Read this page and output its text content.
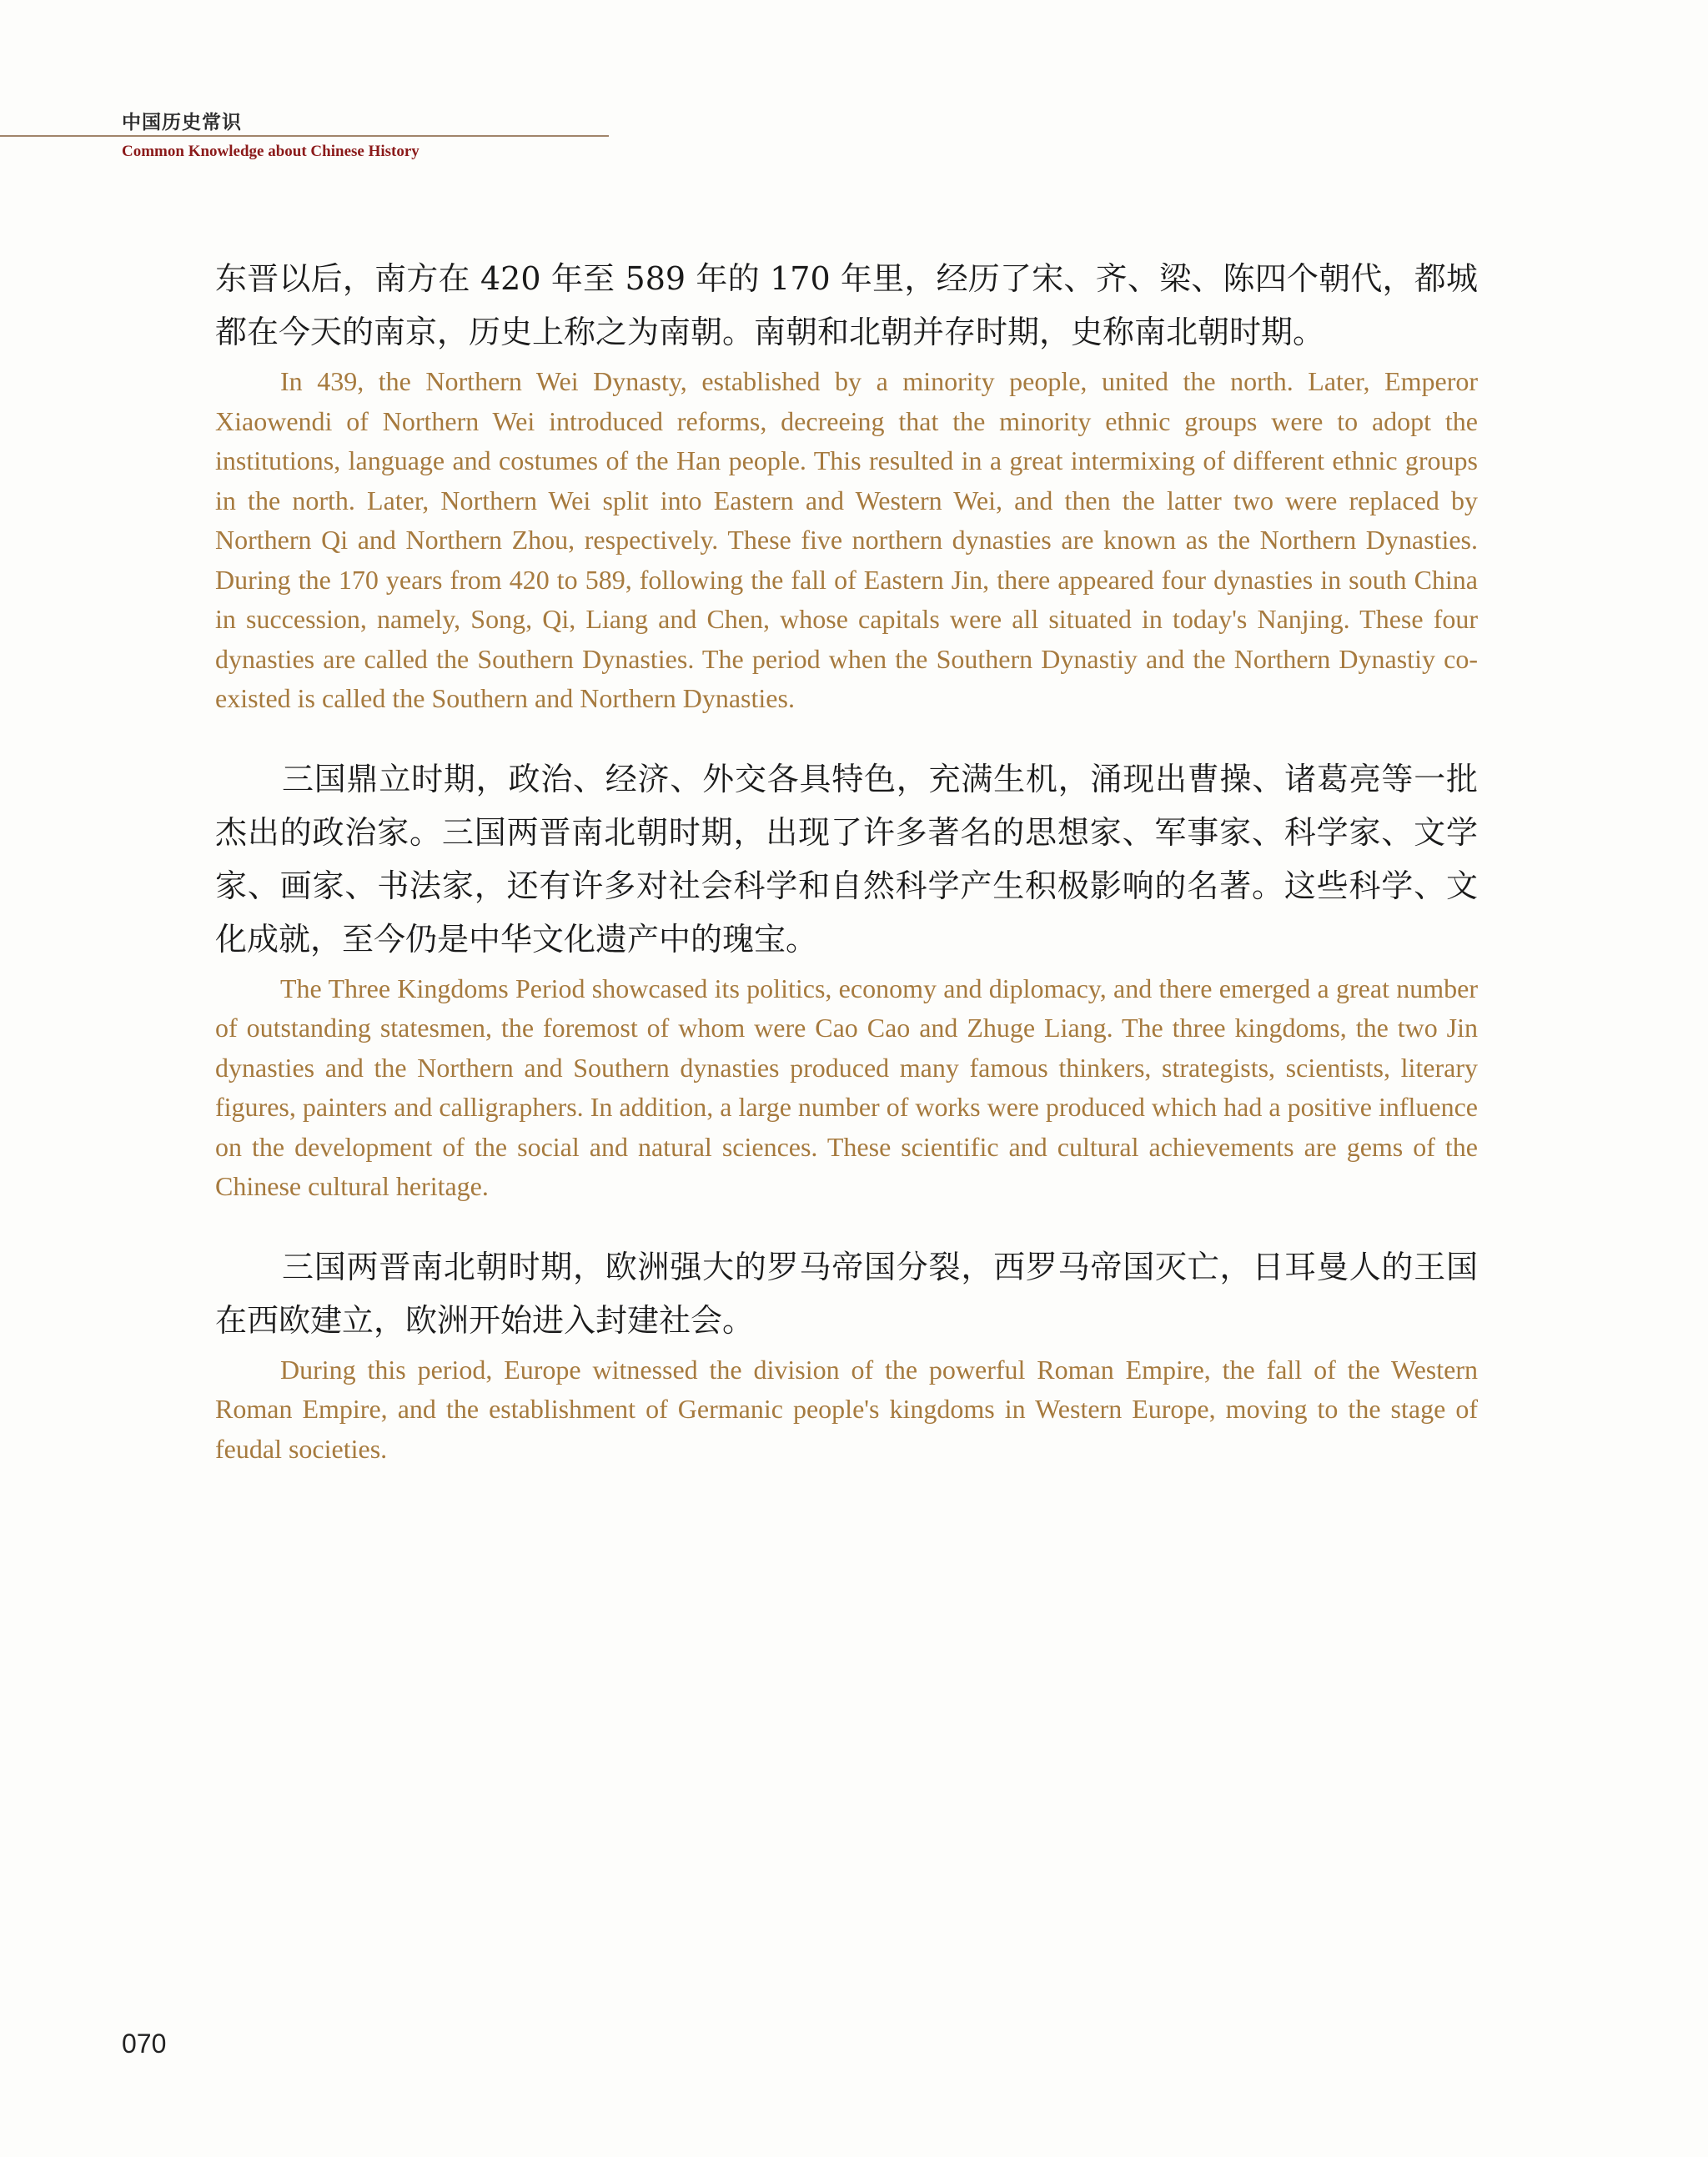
中国历史常识
Common Knowledge about Chinese History

东晋以后，南方在 420 年至 589 年的 170 年里，经历了宋、齐、梁、陈四个朝代，都城都在今天的南京，历史上称之为南朝。南朝和北朝并存时期，史称南北朝时期。

In 439, the Northern Wei Dynasty, established by a minority people, united the north. Later, Emperor Xiaowendi of Northern Wei introduced reforms, decreeing that the minority ethnic groups were to adopt the institutions, language and costumes of the Han people. This resulted in a great intermixing of different ethnic groups in the north. Later, Northern Wei split into Eastern and Western Wei, and then the latter two were replaced by Northern Qi and Northern Zhou, respectively. These five northern dynasties are known as the Northern Dynasties. During the 170 years from 420 to 589, following the fall of Eastern Jin, there appeared four dynasties in south China in succession, namely, Song, Qi, Liang and Chen, whose capitals were all situated in today's Nanjing. These four dynasties are called the Southern Dynasties. The period when the Southern Dynastiy and the Northern Dynastiy co-existed is called the Southern and Northern Dynasties.

三国鼎立时期，政治、经济、外交各具特色，充满生机，涌现出曹操、诸葛亮等一批杰出的政治家。三国两晋南北朝时期，出现了许多著名的思想家、军事家、科学家、文学家、画家、书法家，还有许多对社会科学和自然科学产生积极影响的名著。这些科学、文化成就，至今仍是中华文化遗产中的瑰宝。

The Three Kingdoms Period showcased its politics, economy and diplomacy, and there emerged a great number of outstanding statesmen, the foremost of whom were Cao Cao and Zhuge Liang. The three kingdoms, the two Jin dynasties and the Northern and Southern dynasties produced many famous thinkers, strategists, scientists, literary figures, painters and calligraphers. In addition, a large number of works were produced which had a positive influence on the development of the social and natural sciences. These scientific and cultural achievements are gems of the Chinese cultural heritage.

三国两晋南北朝时期，欧洲强大的罗马帝国分裂，西罗马帝国灭亡，日耳曼人的王国在西欧建立，欧洲开始进入封建社会。

During this period, Europe witnessed the division of the powerful Roman Empire, the fall of the Western Roman Empire, and the establishment of Germanic people's kingdoms in Western Europe, moving to the stage of feudal societies.

070
